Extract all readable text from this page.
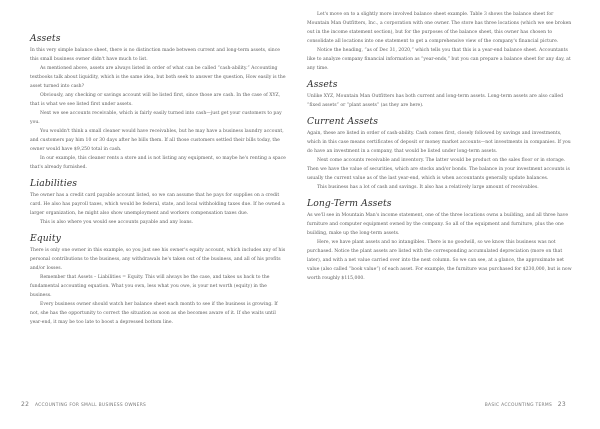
Assets

In this very simple balance sheet, there is no distinction made between current and long-term assets, since this small business owner didn't have much to list.

As mentioned above, assets are always listed in order of what can be called “cash-ability.” Accounting textbooks talk about liquidity, which is the same idea, but both seek to answer the question, How easily is the asset turned into cash?

Obviously, any checking or savings account will be listed first, since those are cash. In the case of XYZ, that is what we see listed first under assets.

Next we see accounts receivable, which is fairly easily turned into cash—just get your customers to pay you.

You wouldn't think a small cleaner would have receivables, but he may have a business laundry account, and customers pay him 10 or 30 days after he bills them. If all those customers settled their bills today, the owner would have $9,250 total in cash.

In our example, this cleaner rents a store and is not listing any equipment, so maybe he's renting a space that's already furnished.

Liabilities

The owner has a credit card payable account listed, so we can assume that he pays for supplies on a credit card. He also has payroll taxes, which would be federal, state, and local withholding taxes due. If he owned a larger organization, he might also show unemployment and workers compensation taxes due.

This is also where you would see accounts payable and any loans.

Equity

There is only one owner in this example, so you just see his owner's equity account, which includes any of his personal contributions to the business, any withdrawals he's taken out of the business, and all of his profits and/or losses.

Remember that Assets – Liabilities = Equity. This will always be the case, and takes us back to the fundamental accounting equation. What you own, less what you owe, is your net worth (equity) in the business.

Every business owner should watch her balance sheet each month to see if the business is growing. If not, she has the opportunity to correct the situation as soon as she becomes aware of it. If she waits until year-end, it may be too late to boost a depressed bottom line.

22 ACCOUNTING FOR SMALL BUSINESS OWNERS

Let's move on to a slightly more involved balance sheet example. Table 3 shows the balance sheet for Mountain Man Outfitters, Inc., a corporation with one owner. The store has three locations (which we see broken out in the income statement section), but for the purposes of the balance sheet, this owner has chosen to consolidate all locations into one statement to get a comprehensive view of the company's financial picture.

Notice the heading, “as of Dec 31, 2020,” which tells you that this is a year-end balance sheet. Accountants like to analyze company financial information as “year-ends,” but you can prepare a balance sheet for any day, at any time.

Assets

Unlike XYZ, Mountain Man Outfitters has both current and long-term assets. Long-term assets are also called “fixed assets” or “plant assets” (as they are here).

Current Assets

Again, these are listed in order of cash-ability. Cash comes first, closely followed by savings and investments, which in this case means certificates of deposit or money market accounts—not investments in companies. If you do have an investment in a company, that would be listed under long-term assets.

Next come accounts receivable and inventory. The latter would be product on the sales floor or in storage. Then we have the value of securities, which are stocks and/or bonds. The balance in your investment accounts is usually the current value as of the last year-end, which is when accountants generally update balances.

This business has a lot of cash and savings. It also has a relatively large amount of receivables.

Long-Term Assets

As we'll see in Mountain Man's income statement, one of the three locations owns a building, and all three have furniture and computer equipment owned by the company. So all of the equipment and furniture, plus the one building, make up the long-term assets.

Here, we have plant assets and no intangibles. There is no goodwill, so we know this business was not purchased. Notice the plant assets are listed with the corresponding accumulated depreciation (more on that later), and with a net value carried over into the next column. So we can see, at a glance, the approximate net value (also called “book value”) of each asset. For example, the furniture was purchased for $230,000, but is now worth roughly $115,000.

BASIC ACCOUNTING TERMS 23
